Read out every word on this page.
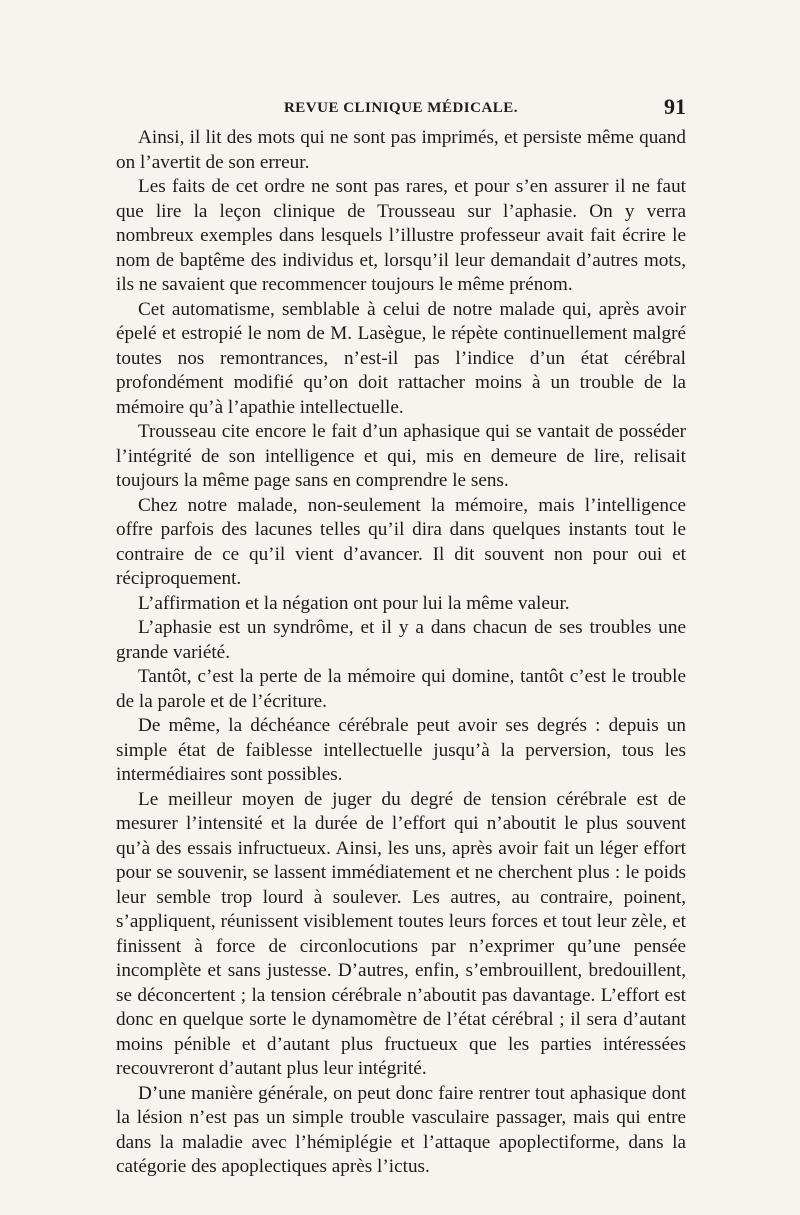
REVUE CLINIQUE MÉDICALE.	91

Ainsi, il lit des mots qui ne sont pas imprimés, et persiste même quand on l’avertit de son erreur.

Les faits de cet ordre ne sont pas rares, et pour s’en assurer il ne faut que lire la leçon clinique de Trousseau sur l’aphasie. On y verra nombreux exemples dans lesquels l’illustre professeur avait fait écrire le nom de baptême des individus et, lorsqu’il leur demandait d’autres mots, ils ne savaient que recommencer toujours le même prénom.

Cet automatisme, semblable à celui de notre malade qui, après avoir épelé et estropié le nom de M. Lasègue, le répète continuellement malgré toutes nos remontrances, n’est-il pas l’indice d’un état cérébral profondément modifié qu’on doit rattacher moins à un trouble de la mémoire qu’à l’apathie intellectuelle.

Trousseau cite encore le fait d’un aphasique qui se vantait de posséder l’intégrité de son intelligence et qui, mis en demeure de lire, relisait toujours la même page sans en comprendre le sens.

Chez notre malade, non-seulement la mémoire, mais l’intelligence offre parfois des lacunes telles qu’il dira dans quelques instants tout le contraire de ce qu’il vient d’avancer. Il dit souvent non pour oui et réciproquement.

L’affirmation et la négation ont pour lui la même valeur.

L’aphasie est un syndrôme, et il y a dans chacun de ses troubles une grande variété.

Tantôt, c’est la perte de la mémoire qui domine, tantôt c’est le trouble de la parole et de l’écriture.

De même, la déchéance cérébrale peut avoir ses degrés : depuis un simple état de faiblesse intellectuelle jusqu’à la perversion, tous les intermédiaires sont possibles.

Le meilleur moyen de juger du degré de tension cérébrale est de mesurer l’intensité et la durée de l’effort qui n’aboutit le plus souvent qu’à des essais infructueux. Ainsi, les uns, après avoir fait un léger effort pour se souvenir, se lassent immédiatement et ne cherchent plus : le poids leur semble trop lourd à soulever. Les autres, au contraire, poinent, s’appliquent, réunissent visiblement toutes leurs forces et tout leur zèle, et finissent à force de circonlocutions par n’exprimer qu’une pensée incomplète et sans justesse. D’autres, enfin, s’embrouillent, bredouillent, se déconcertent ; la tension cérébrale n’aboutit pas davantage. L’effort est donc en quelque sorte le dynamomètre de l’état cérébral ; il sera d’autant moins pénible et d’autant plus fructueux que les parties intéressées recouvreront d’autant plus leur intégrité.

D’une manière générale, on peut donc faire rentrer tout aphasique dont la lésion n’est pas un simple trouble vasculaire passager, mais qui entre dans la maladie avec l’hémiplégie et l’attaque apoplectiforme, dans la catégorie des apoplectiques après l’ictus.
